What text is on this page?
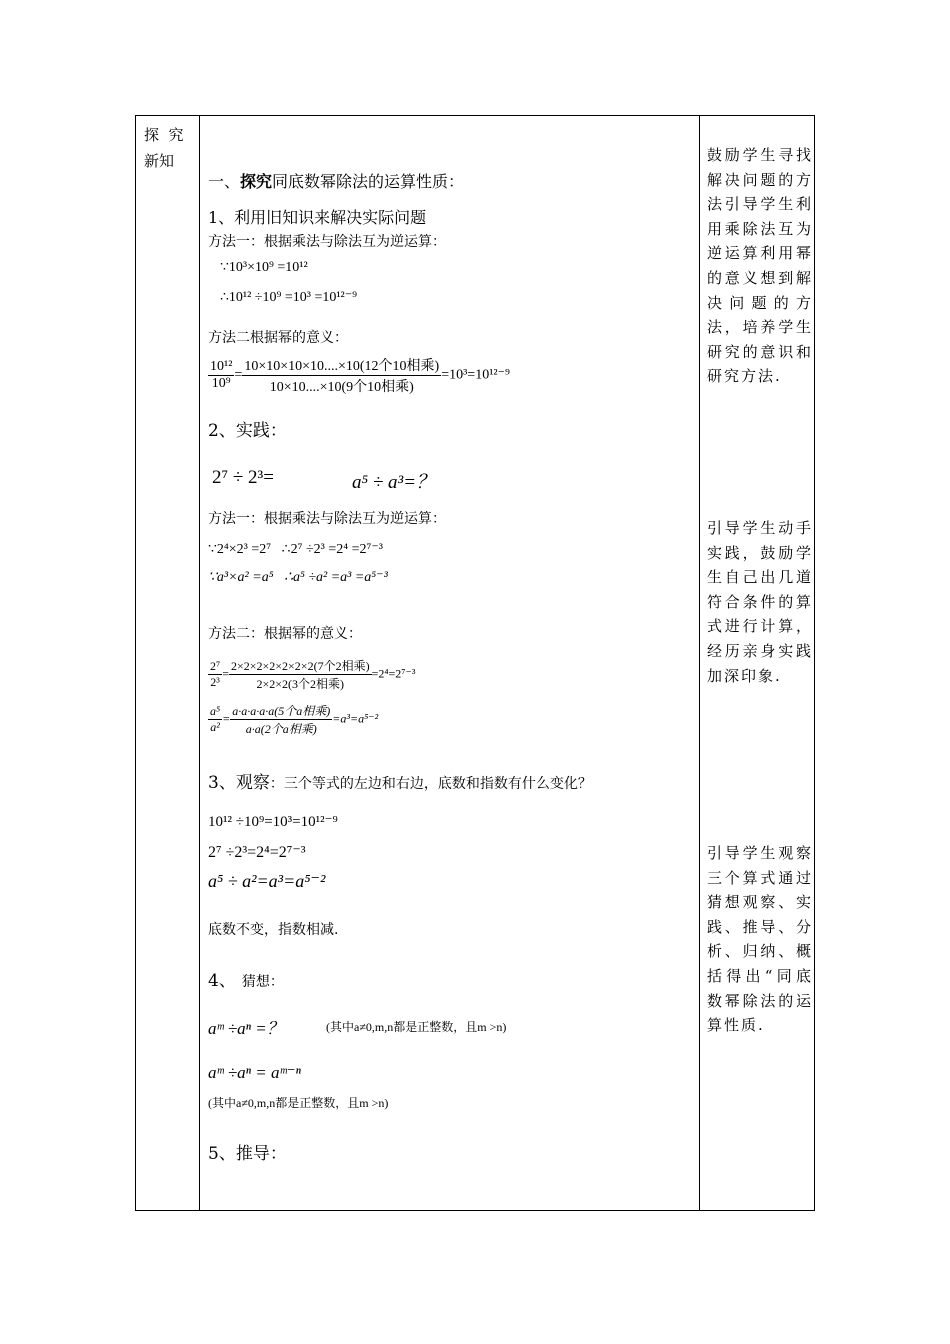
探  究
新知
一、探究同底数幂除法的运算性质：
1、利用旧知识来解决实际问题
方法一：根据乘法与除法互为逆运算：
∵10³×10⁹ =10¹²
∴10¹² ÷10⁹ =10³ =10¹²⁻⁹
方法二根据幂的意义：
$\frac{\text{10¹²}}{\text{10⁹}} = \frac{\text{10×10×10×10....×10(12个10相乘)}}{\text{10×10....×10(9个10相乘)}} =10^3=10^{12-9}$
2、实践：
2⁷ ÷ 2³=	a⁵ ÷ a³=？
方法一：根据乘法与除法互为逆运算：
∵2⁴×2³ =2⁷   ∴2⁷ ÷2³ =2⁴ =2⁷⁻³
∵a³×a² =a⁵   ∴a⁵ ÷a² =a³ =a⁵⁻³
方法二：根据幂的意义：
$\frac{\text{2⁷}}{\text{2³}} = \frac{\text{2×2×2×2×2×2×2(7个2相乘)}}{\text{2×2×2(3个2相乘)}} =2^4=2^{7-3}$
$\frac{\text{a⁵}}{\text{a²}} = \frac{\text{a·a·a·a·a(5个a相乘)}}{\text{a·a(2个a相乘)}} =a^3=a^{5-2}$
3、观察：三个等式的左边和右边，底数和指数有什么变化？
10¹² ÷10⁹=10³=10¹²⁻⁹
2⁷ ÷2³=2⁴=2⁷⁻³
a⁵ ÷ a²=a³=a⁵⁻²
底数不变，指数相减.
4、 猜想：
aᵐ ÷aⁿ =？	(其中a≠0,m,n都是正整数，且m >n)
aᵐ ÷aⁿ = aᵐ⁻ⁿ
(其中a≠0,m,n都是正整数，且m >n)
5、推导：
鼓励学生寻找解决问题的方法引导学生利用乘除法互为逆运算利用幂的意义想到解决问题的方法，培养学生研究的意识和研究方法.
引导学生动手实践，鼓励学生自己出几道符合条件的算式进行计算，经历亲身实践加深印象.
引导学生观察三个算式通过猜想观察、实践、推导、分析、归纳、概括得出“同底数幂除法的运算性质.
